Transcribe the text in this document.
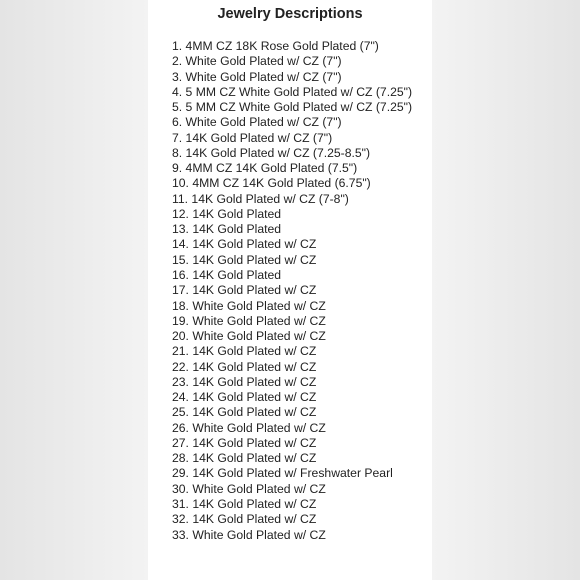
Jewelry Descriptions
1. 4MM CZ 18K Rose Gold Plated (7")
2. White Gold Plated w/ CZ (7")
3. White Gold Plated w/ CZ (7")
4. 5 MM CZ White Gold Plated w/ CZ (7.25")
5. 5 MM CZ White Gold Plated w/ CZ (7.25")
6. White Gold Plated w/ CZ (7")
7. 14K Gold Plated w/ CZ (7")
8. 14K Gold Plated w/ CZ (7.25-8.5")
9. 4MM CZ 14K Gold Plated (7.5")
10. 4MM CZ 14K Gold Plated (6.75")
11. 14K Gold Plated w/ CZ (7-8")
12. 14K Gold Plated
13. 14K Gold Plated
14. 14K Gold Plated w/ CZ
15. 14K Gold Plated w/ CZ
16. 14K Gold Plated
17. 14K Gold Plated w/ CZ
18. White Gold Plated w/ CZ
19. White Gold Plated w/ CZ
20. White Gold Plated w/ CZ
21. 14K Gold Plated w/ CZ
22. 14K Gold Plated w/ CZ
23. 14K Gold Plated w/ CZ
24. 14K Gold Plated w/ CZ
25. 14K Gold Plated w/ CZ
26. White Gold Plated w/ CZ
27. 14K Gold Plated w/ CZ
28. 14K Gold Plated w/ CZ
29. 14K Gold Plated w/ Freshwater Pearl
30. White Gold Plated w/ CZ
31. 14K Gold Plated w/ CZ
32. 14K Gold Plated w/ CZ
33. White Gold Plated w/ CZ
